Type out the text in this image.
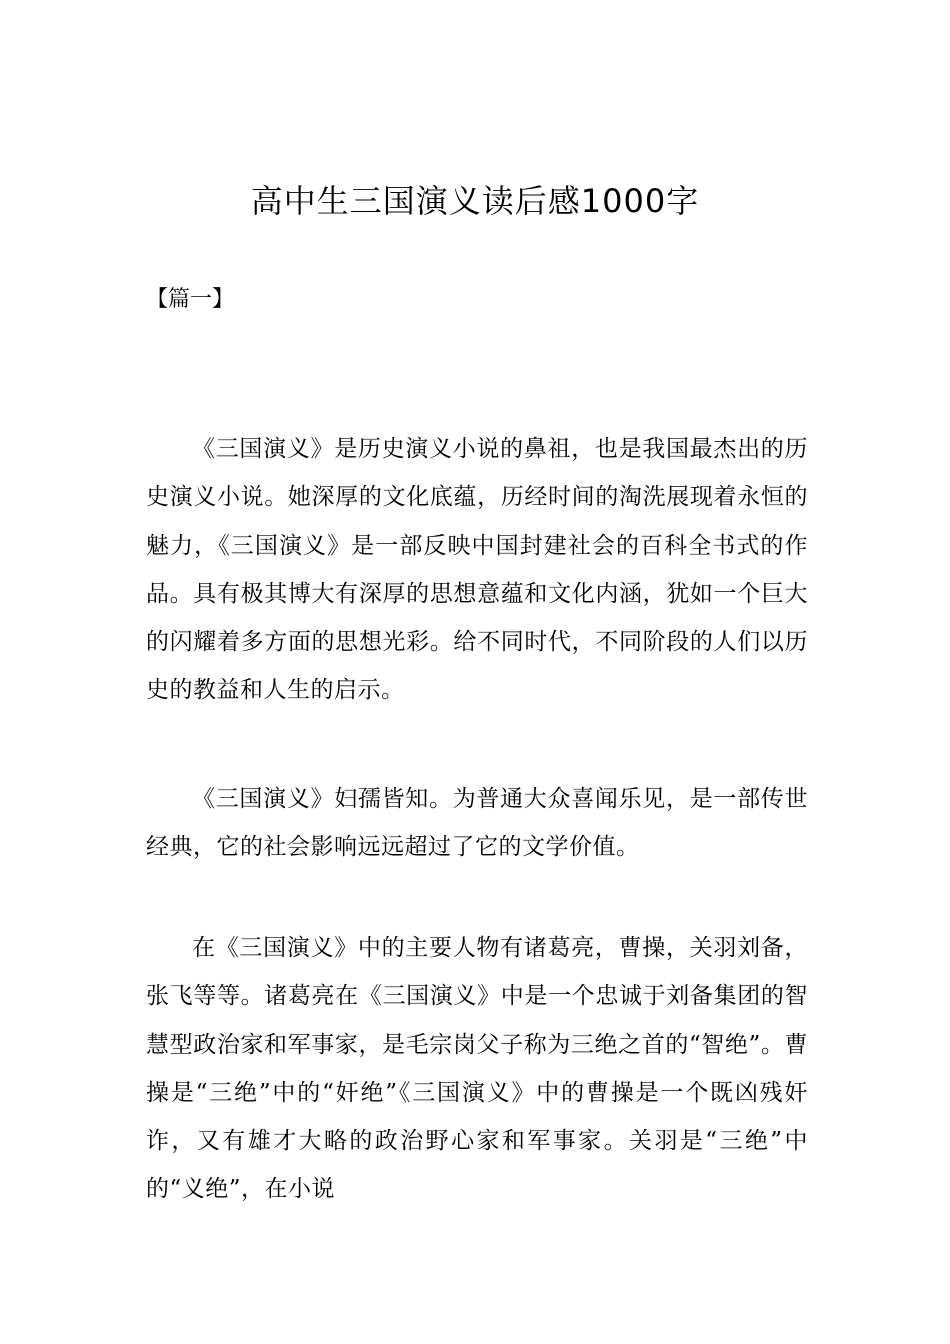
高中生三国演义读后感1000字
【篇一】

《三国演义》是历史演义小说的鼻祖，也是我国最杰出的历史演义小说。她深厚的文化底蕴，历经时间的淘洗展现着永恒的魅力，《三国演义》是一部反映中国封建社会的百科全书式的作品。具有极其博大有深厚的思想意蕴和文化内涵，犹如一个巨大的闪耀着多方面的思想光彩。给不同时代，不同阶段的人们以历史的教益和人生的启示。

《三国演义》妇孺皆知。为普通大众喜闻乐见，是一部传世经典，它的社会影响远远超过了它的文学价值。

在《三国演义》中的主要人物有诸葛亮，曹操，关羽刘备，张飞等等。诸葛亮在《三国演义》中是一个忠诚于刘备集团的智慧型政治家和军事家，是毛宗岗父子称为三绝之首的“智绝”。曹操是“三绝”中的“奸绝”《三国演义》中的曹操是一个既凶残奸诈，又有雄才大略的政治野心家和军事家。关羽是“三绝”中的“义绝”，在小说
